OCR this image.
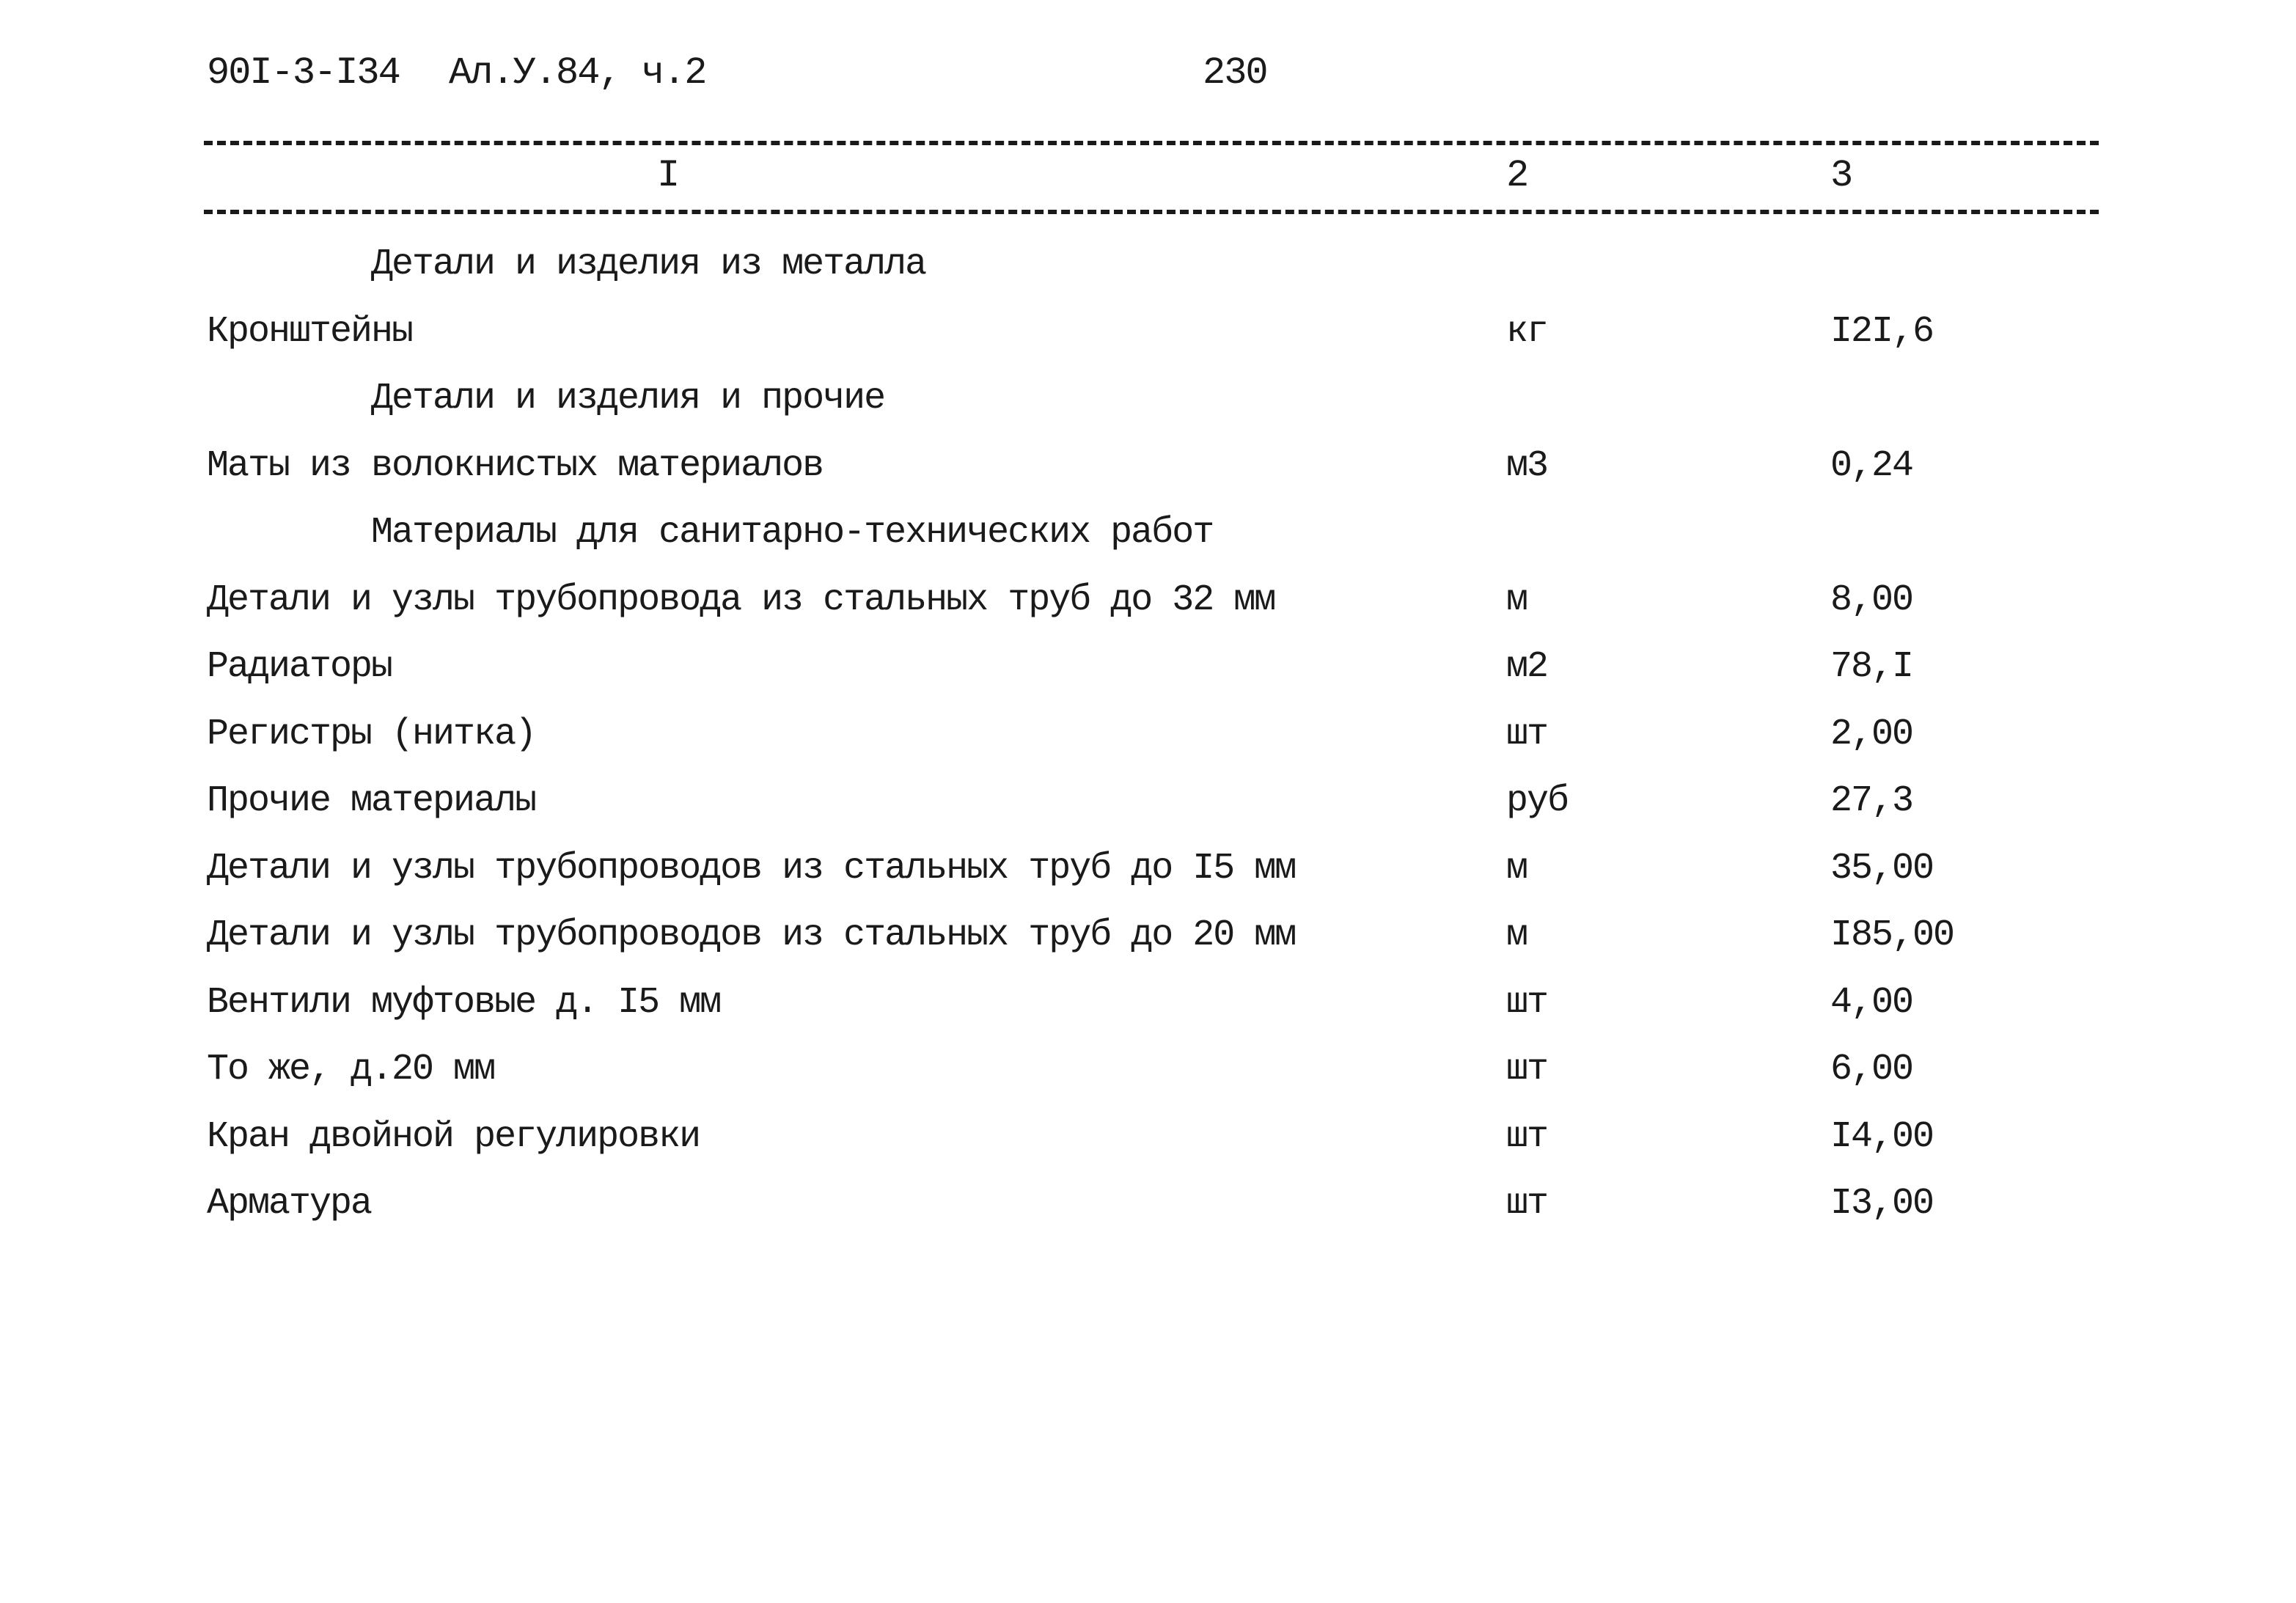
90I-3-I34 Ал.У.84, ч.2	230
I	2	3
Детали и изделия из металла
Кронштейны	кг	I2I,6
Детали и изделия и прочие
Маты из волокнистых материалов	м3	0,24
Материалы для санитарно-технических работ
Детали и узлы трубопровода из стальных труб до 32 мм	м	8,00
Радиаторы	м2	78,I
Регистры (нитка)	шт	2,00
Прочие материалы	руб	27,3
Детали и узлы трубопроводов из стальных труб до I5 мм	м	35,00
Детали и узлы трубопроводов из стальных труб до 20 мм	м	I85,00
Вентили муфтовые д. I5 мм	шт	4,00
То же, д.20 мм	шт	6,00
Кран двойной регулировки	шт	I4,00
Арматура	шт	I3,00
